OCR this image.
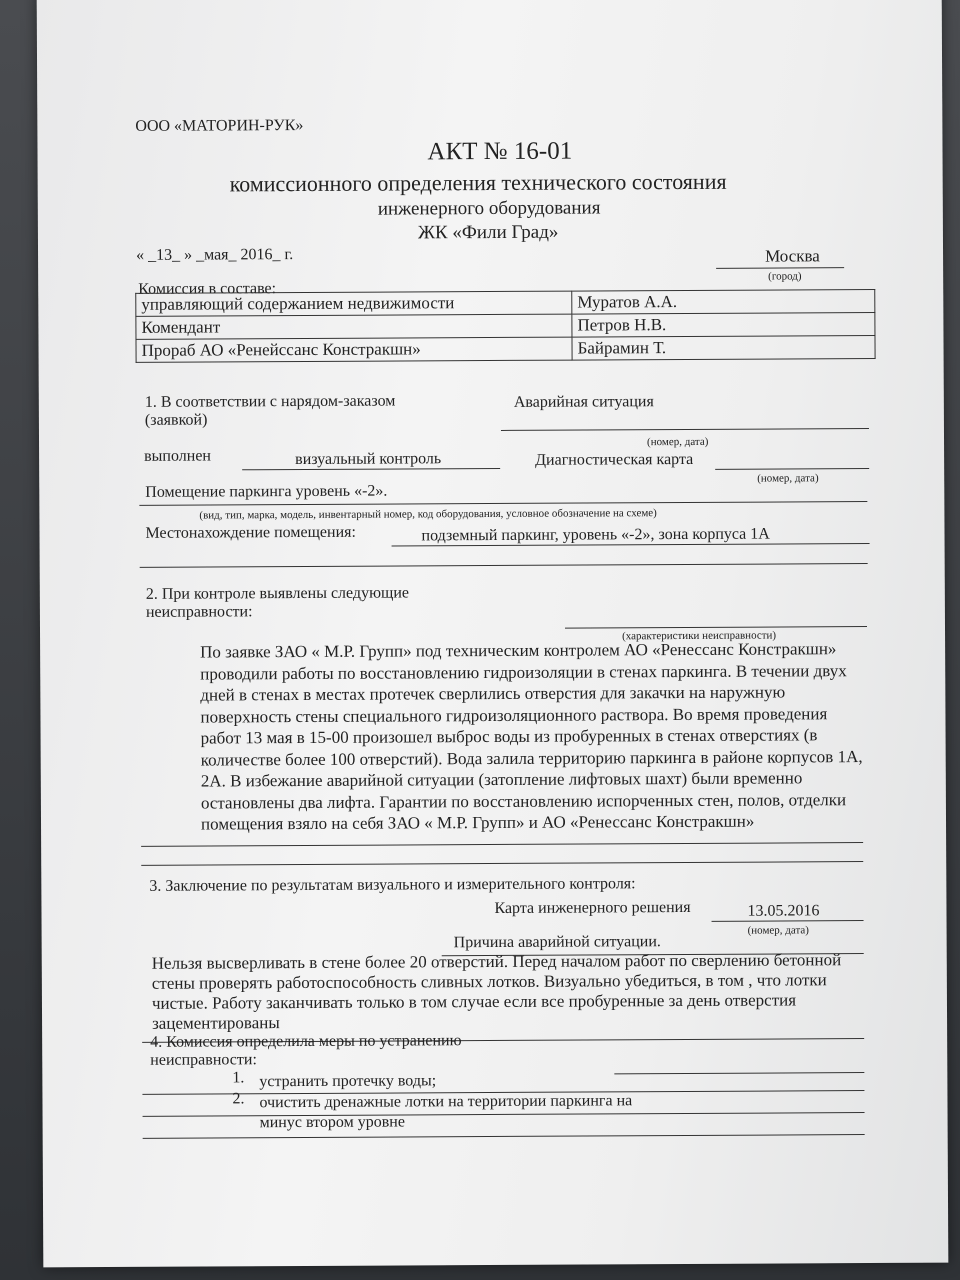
ООО «МАТОРИН-РУК»
АКТ № 16-01
комиссионного определения технического состояния
инженерного оборудования
ЖК «Фили Град»
« _13_ » _мая_ 2016_ г.	Москва
(город)
Комиссия в составе:
управляющий содержанием недвижимости	Муратов А.А.
Комендант	Петров Н.В.
Прораб АО «Ренейссанс Констракшн»	Байрамин Т.
1. В соответствии с нарядом-заказом
(заявкой)
Аварийная ситуация
(номер, дата)
выполнен	визуальный контроль	Диагностическая карта
(номер, дата)
Помещение паркинга уровень «-2».
(вид, тип, марка, модель, инвентарный номер, код оборудования, условное обозначение на схеме)
Местонахождение помещения:	подземный паркинг, уровень «-2», зона корпуса 1А
2. При контроле выявлены следующие
неисправности:
(характеристики неисправности)
По заявке ЗАО « М.Р. Групп» под техническим контролем АО «Ренессанс Констракшн» проводили работы по восстановлению гидроизоляции в стенах паркинга. В течении двух дней в стенах в местах протечек сверлились отверстия для закачки на наружную поверхность стены специального гидроизоляционного раствора. Во время проведения работ 13 мая в 15-00 произошел выброс воды из пробуренных в стенах отверстиях (в количестве более 100 отверстий). Вода залила территорию паркинга в районе корпусов 1А, 2А. В избежание аварийной ситуации (затопление лифтовых шахт) были временно остановлены два лифта. Гарантии по восстановлению испорченных стен, полов, отделки помещения взяло на себя ЗАО « М.Р. Групп» и АО «Ренессанс Констракшн»
3. Заключение по результатам визуального и измерительного контроля:
Карта инженерного решения	13.05.2016
(номер, дата)
Причина аварийной ситуации.
Нельзя высверливать в стене более 20 отверстий. Перед началом работ по сверлению бетонной стены проверять работоспособность сливных лотков. Визуально убедиться, в том , что лотки чистые. Работу заканчивать только в том случае если все пробуренные за день отверстия зацементированы
4. Комиссия определила меры по устранению
неисправности:
1. устранить протечку воды;
2. очистить дренажные лотки на территории паркинга на
минус втором уровне
